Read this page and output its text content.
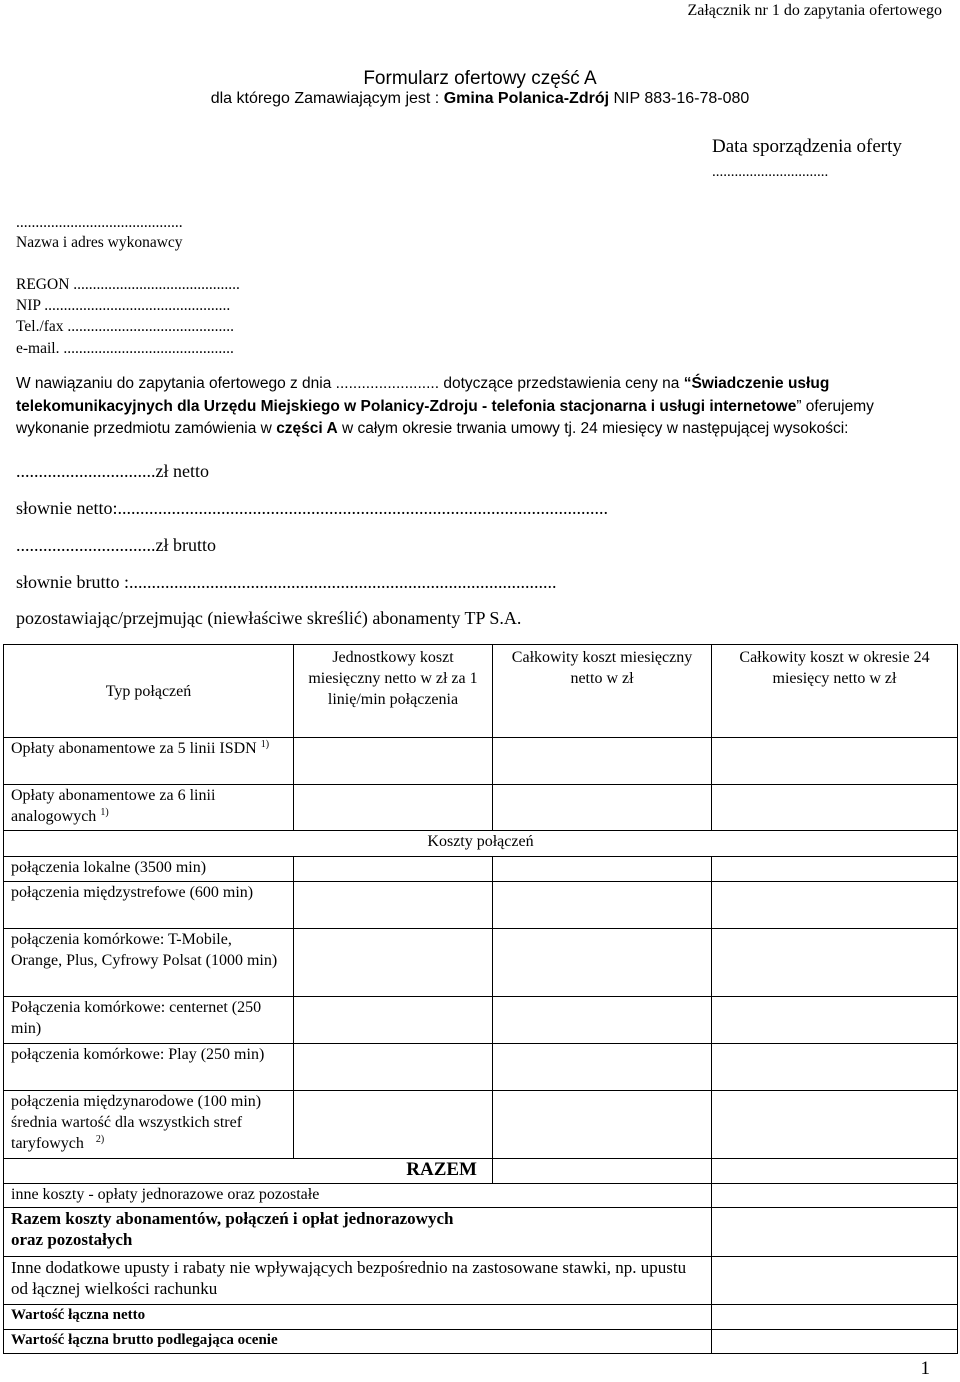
Załącznik nr 1 do zapytania ofertowego
Formularz ofertowy część A
dla którego Zamawiającym jest : Gmina Polanica-Zdrój NIP 883-16-78-080
Data sporządzenia oferty
...............................
...........................................
Nazwa i adres wykonawcy
REGON ...........................................
NIP ................................................
Tel./fax ...........................................
e-mail. ............................................
W nawiązaniu do zapytania ofertowego z dnia ........................ dotyczące przedstawienia ceny na “Świadczenie usług telekomunikacyjnych dla Urzędu Miejskiego w Polanicy-Zdroju - telefonia stacjonarna i usługi internetowe” oferujemy wykonanie przedmiotu zamówienia w części A w całym okresie trwania umowy tj. 24 miesięcy w następującej wysokości:
...............................zł netto
słownie netto:.............................................................................................................
...............................zł brutto
słownie brutto :...............................................................................................
pozostawiając/przejmując (niewłaściwe skreślić) abonamenty TP S.A.
Typ połączeń	Jednostkowy koszt miesięczny netto w zł za 1 linię/min połączenia	Całkowity koszt miesięczny netto w zł	Całkowity koszt w okresie 24 miesięcy netto w zł
Opłaty abonamentowe za 5 linii ISDN $^{1)}$			
Opłaty abonamentowe za 6 linii analogowych $^{1)}$			
Koszty połączeń			
połączenia lokalne (3500 min)			
połączenia międzystrefowe (600 min)			
połączenia komórkowe: T-Mobile, Orange, Plus, Cyfrowy Polsat (1000 min)			
Połączenia komórkowe: centernet (250 min)			
połączenia komórkowe: Play (250 min)			
połączenia międzynarodowe (100 min) średnia wartość dla wszystkich stref taryfowych $^{2)}$			
RAZEM			
inne koszty - opłaty jednorazowe oraz pozostałe			
Razem koszty abonamentów, połączeń i opłat jednorazowych oraz pozostałych			
Inne dodatkowe upusty i rabaty nie wpływających bezpośrednio na zastosowane stawki, np. upustu od łącznej wielkości rachunku			
Wartość łączna netto			
Wartość łączna brutto podlegająca ocenie			
1
